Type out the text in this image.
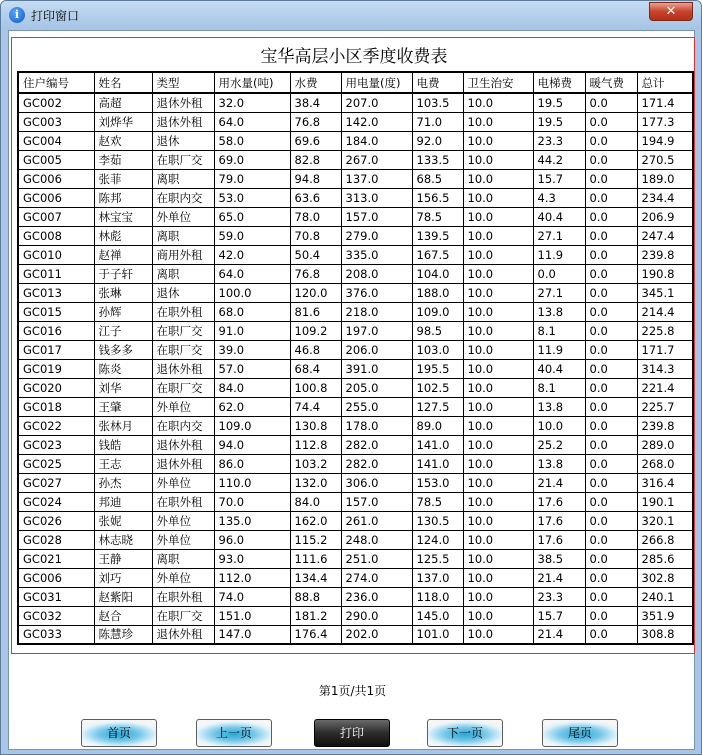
i 打印窗口	✕
宝华高层小区季度收费表
住户编号	姓名	类型	用水量(吨)	水费	用电量(度)	电费	卫生治安	电梯费	暖气费	总计
GC002	高超	退休外租	32.0	38.4	207.0	103.5	10.0	19.5	0.0	171.4
GC003	刘烨华	退休外租	64.0	76.8	142.0	71.0	10.0	19.5	0.0	177.3
GC004	赵欢	退休	58.0	69.6	184.0	92.0	10.0	23.3	0.0	194.9
GC005	李茹	在职厂交	69.0	82.8	267.0	133.5	10.0	44.2	0.0	270.5
GC006	张菲	离职	79.0	94.8	137.0	68.5	10.0	15.7	0.0	189.0
GC006	陈邦	在职内交	53.0	63.6	313.0	156.5	10.0	4.3	0.0	234.4
GC007	林宝宝	外单位	65.0	78.0	157.0	78.5	10.0	40.4	0.0	206.9
GC008	林彪	离职	59.0	70.8	279.0	139.5	10.0	27.1	0.0	247.4
GC010	赵禅	商用外租	42.0	50.4	335.0	167.5	10.0	11.9	0.0	239.8
GC011	于子轩	离职	64.0	76.8	208.0	104.0	10.0	0.0	0.0	190.8
GC013	张琳	退休	100.0	120.0	376.0	188.0	10.0	27.1	0.0	345.1
GC015	孙辉	在职外租	68.0	81.6	218.0	109.0	10.0	13.8	0.0	214.4
GC016	江子	在职厂交	91.0	109.2	197.0	98.5	10.0	8.1	0.0	225.8
GC017	钱多多	在职厂交	39.0	46.8	206.0	103.0	10.0	11.9	0.0	171.7
GC019	陈炎	退休外租	57.0	68.4	391.0	195.5	10.0	40.4	0.0	314.3
GC020	刘华	在职厂交	84.0	100.8	205.0	102.5	10.0	8.1	0.0	221.4
GC018	王肇	外单位	62.0	74.4	255.0	127.5	10.0	13.8	0.0	225.7
GC022	张林月	在职内交	109.0	130.8	178.0	89.0	10.0	10.0	0.0	239.8
GC023	钱皓	退休外租	94.0	112.8	282.0	141.0	10.0	25.2	0.0	289.0
GC025	王志	退休外租	86.0	103.2	282.0	141.0	10.0	13.8	0.0	268.0
GC027	孙杰	外单位	110.0	132.0	306.0	153.0	10.0	21.4	0.0	316.4
GC024	邦迪	在职外租	70.0	84.0	157.0	78.5	10.0	17.6	0.0	190.1
GC026	张妮	外单位	135.0	162.0	261.0	130.5	10.0	17.6	0.0	320.1
GC028	林志晓	外单位	96.0	115.2	248.0	124.0	10.0	17.6	0.0	266.8
GC021	王静	离职	93.0	111.6	251.0	125.5	10.0	38.5	0.0	285.6
GC006	刘巧	外单位	112.0	134.4	274.0	137.0	10.0	21.4	0.0	302.8
GC031	赵紫阳	在职外租	74.0	88.8	236.0	118.0	10.0	23.3	0.0	240.1
GC032	赵合	在职厂交	151.0	181.2	290.0	145.0	10.0	15.7	0.0	351.9
GC033	陈慧珍	退休外租	147.0	176.4	202.0	101.0	10.0	21.4	0.0	308.8
第1页/共1页
首页	上一页	打印	下一页	尾页
